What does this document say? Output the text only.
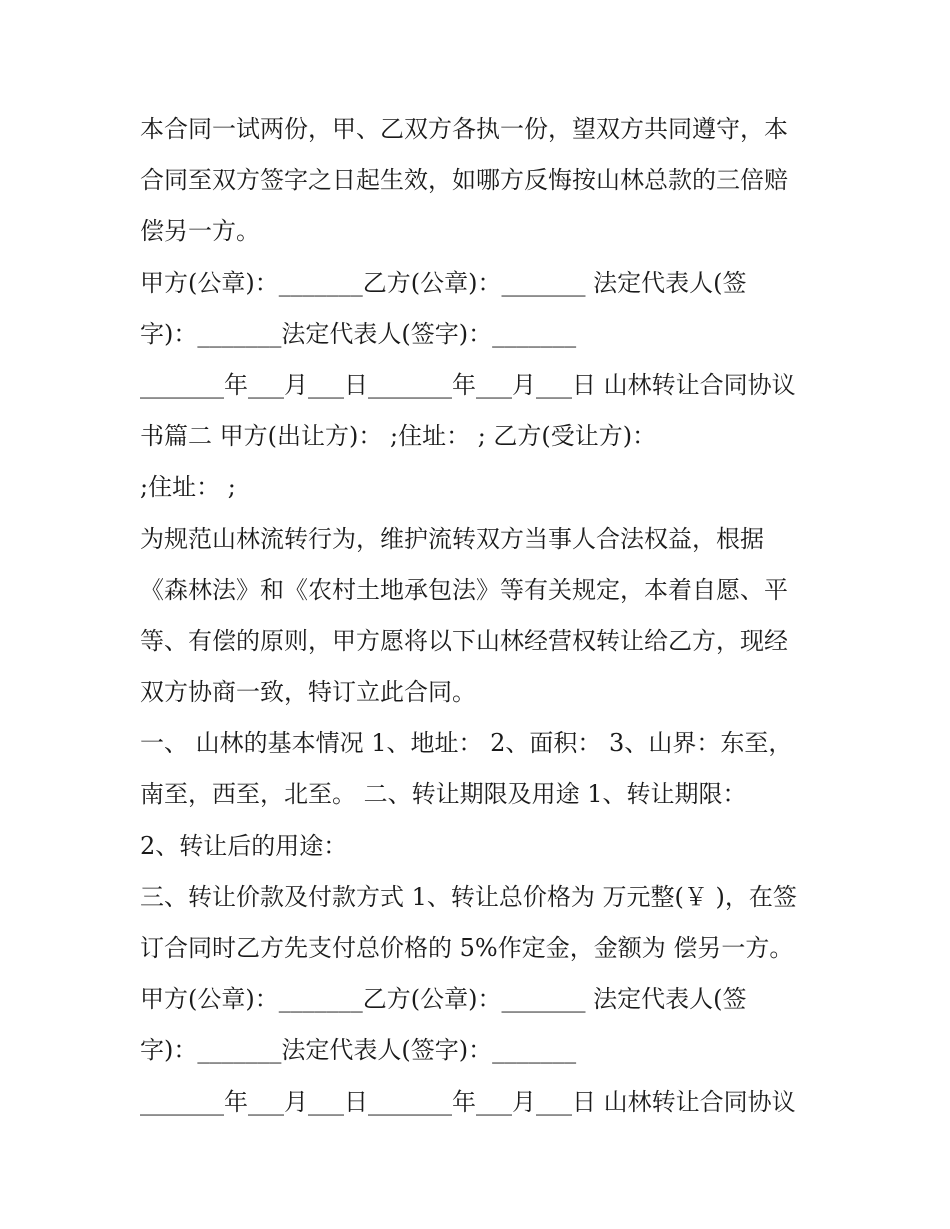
本合同一试两份，甲、乙双方各执一份，望双方共同遵守，本
合同至双方签字之日起生效，如哪方反悔按山林总款的三倍赔
偿另一方。
甲方(公章)：_______乙方(公章)：_______ 法定代表人(签
字)：_______法定代表人(签字)：_______
_______年___月___日_______年___月___日 山林转让合同协议
书篇二 甲方(出让方)： ;住址： ; 乙方(受让方)：
;住址： ;
为规范山林流转行为，维护流转双方当事人合法权益，根据
《森林法》和《农村土地承包法》等有关规定，本着自愿、平
等、有偿的原则，甲方愿将以下山林经营权转让给乙方，现经
双方协商一致，特订立此合同。
一、 山林的基本情况 1、地址： 2、面积： 3、山界：东至，
南至，西至，北至。 二、转让期限及用途 1、转让期限：
2、转让后的用途：
三、转让价款及付款方式 1、转让总价格为 万元整(￥ )，在签
订合同时乙方先支付总价格的 5%作定金，金额为 偿另一方。
甲方(公章)：_______乙方(公章)：_______ 法定代表人(签
字)：_______法定代表人(签字)：_______
_______年___月___日_______年___月___日 山林转让合同协议
